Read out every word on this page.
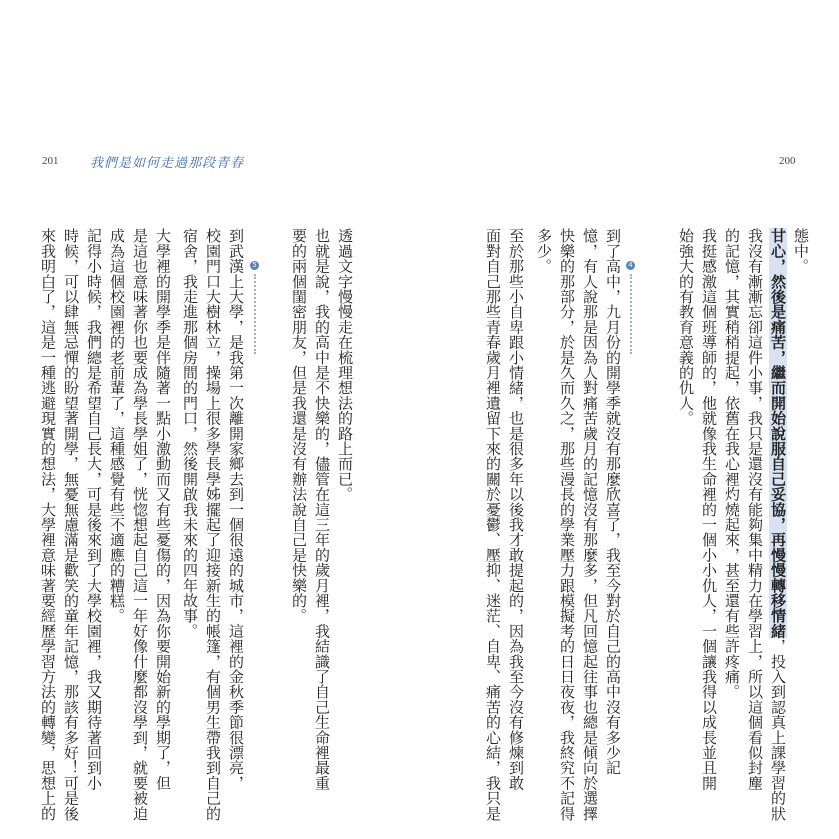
201 我們是如何走過那段青春	200
態中。
甘心，然後是痛苦，繼而開始說服自己妥協，再慢慢轉移情緒，投入到認真上課學習的狀
我沒有漸漸忘卻這件小事，我只是還沒有能夠集中精力在學習上，所以這個看似封塵
的記憶，其實稍稍提起，依舊在我心裡灼燒起來，甚至還有些許疼痛。
我挺感激這個班導師的，他就像我生命裡的一個小小仇人，一個讓我得以成長並且開
始強大的有教育意義的仇人。
4
到了高中，九月份的開學季就沒有那麼欣喜了，我至今對於自己的高中沒有多少記
憶，有人說那是因為人對痛苦歲月的記憶沒有那麼多，但凡回憶起往事也總是傾向於選擇
快樂的那部分，於是久而久之，那些漫長的學業壓力跟模擬考的日日夜夜，我終究不記得
多少。
至於那些小自卑跟小情緒，也是很多年以後我才敢提起的，因為我至今沒有修煉到敢
面對自己那些青春歲月裡遺留下來的關於憂鬱、壓抑、迷茫、自卑、痛苦的心結，我只是
透過文字慢慢走在梳理想法的路上而已。
也就是說，我的高中是不快樂的，儘管在這三年的歲月裡，我結識了自己生命裡最重
要的兩個閨密朋友，但是我還是沒有辦法說自己是快樂的。
5
到武漢上大學，是我第一次離開家鄉去到一個很遠的城市，這裡的金秋季節很漂亮，
校園門口大樹林立，操場上很多學長學姊擺起了迎接新生的帳篷，有個男生帶我到自己的
宿舍，我走進那個房間的門口，然後開啟我未來的四年故事。
大學裡的開學季是伴隨著一點小激動而又有些憂傷的，因為你要開始新的學期了，但
是這也意味著你也要成為學長學姐了，恍惚想起自己這一年好像什麼都沒學到，就要被迫
成為這個校園裡的老前輩了，這種感覺有些不適應的糟糕。
記得小時候，我們總是希望自己長大，可是後來到了大學校園裡，我又期待著回到小
時候，可以肆無忌憚的盼望著開學，無憂無慮滿是歡笑的童年記憶，那該有多好！可是後
來我明白了，這是一種逃避現實的想法，大學裡意味著要經歷學習方法的轉變，思想上的
